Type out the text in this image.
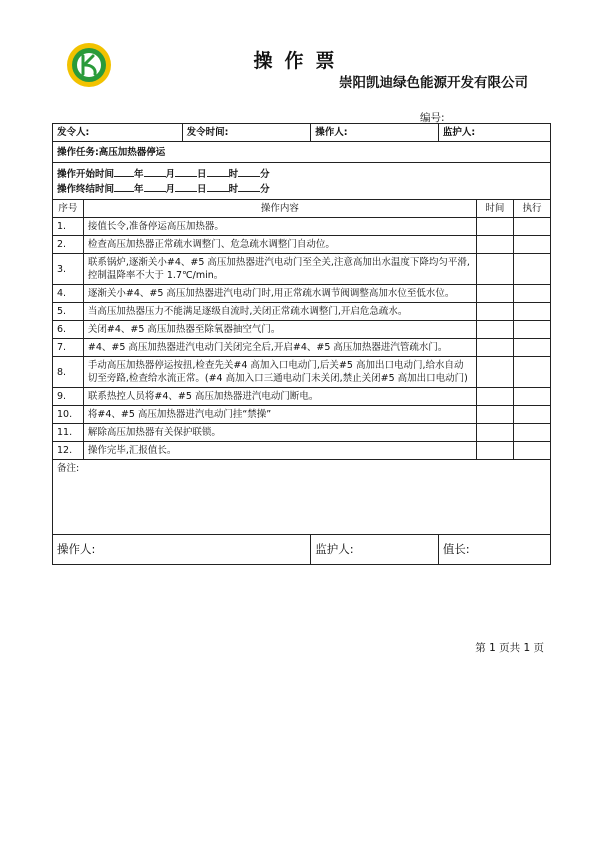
操作票
崇阳凯迪绿色能源开发有限公司
编号:
发令人:		发令时间:	操作人:	监护人:		
操作任务:高压加热器停运						

操作开始时间 年 月 日 时 分
操作终结时间 年 月 日 时 分						

序号	操作内容				时间	执行
1.	接值长令,准备停运高压加热器。					
2.	检查高压加热器正常疏水调整门、危急疏水调整门自动位。					
3.	联系锅炉,逐渐关小#4、#5 高压加热器进汽电动门至全关,注意高加出水温度下降均匀平滑,控制温降率不大于 1.7℃/min。					
4.	逐渐关小#4、#5 高压加热器进汽电动门时,用正常疏水调节阀调整高加水位至低水位。					
5.	当高压加热器压力不能满足逐级自流时,关闭正常疏水调整门,开启危急疏水。					
6.	关闭#4、#5 高压加热器至除氧器抽空气门。					
7.	#4、#5 高压加热器进汽电动门关闭完全后,开启#4、#5 高压加热器进汽管疏水门。					
8.	手动高压加热器停运按扭,检查先关#4 高加入口电动门,后关#5 高加出口电动门,给水自动切至旁路,检查给水流正常。(#4 高加入口三通电动门未关闭,禁止关闭#5 高加出口电动门)					
9.	联系热控人员将#4、#5 高压加热器进汽电动门断电。					
10.	将#4、#5 高压加热器进汽电动门挂“禁操”					
11.	解除高压加热器有关保护联锁。					
12.	操作完毕,汇报值长。					
备注:						
操作人:			监护人:	值长:		
第 1 页共 1 页
